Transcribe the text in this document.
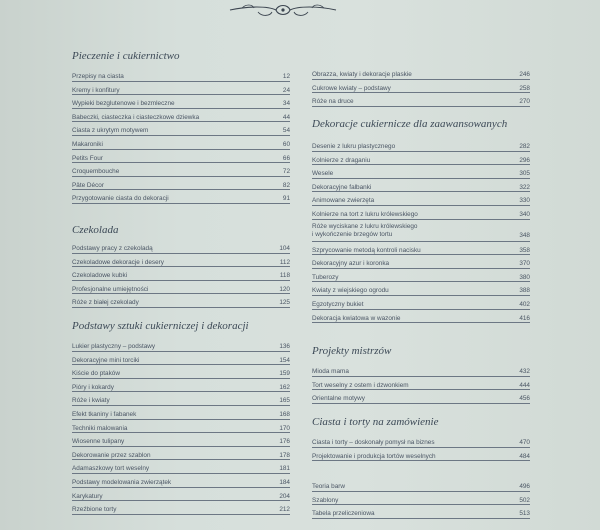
Pieczenie i cukiernictwo
Przepisy na ciasta	12
Kremy i konfitury	24
Wypieki bezglutenowe i bezmleczne	34
Babeczki, ciasteczka i ciasteczkowe dziewka	44
Ciasta z ukrytym motywem	54
Makaroniki	60
Petits Four	66
Croquembouche	72
Pâte Décor	82
Przygotowanie ciasta do dekoracji	91
Czekolada
Podstawy pracy z czekoladą	104
Czekoladowe dekoracje i desery	112
Czekoladowe kubki	118
Profesjonalne umiejętności	120
Róże z białej czekolady	125
Podstawy sztuki cukierniczej i dekoracji
Lukier plastyczny – podstawy	136
Dekoracyjne mini torciki	154
Kiście do ptaków	159
Pióry i kokardy	162
Róże i kwiaty	165
Efekt tkaniny i fabanek	168
Techniki malowania	170
Wiosenne tulipany	176
Dekorowanie przez szablon	178
Adamaszkowy tort weselny	181
Podstawy modelowania zwierzątek	184
Karykatury	204
Rzeźbione torty	212
Obrazza, kwiaty i dekoracje plaskie	246
Cukrowe kwiaty – podstawy	258
Róże na druce	270
Dekoracje cukiernicze dla zaawansowanych
Desenie z lukru plastycznego	282
Kolnierze z draganiu	296
Wesele	305
Dekoracyjne falbanki	322
Animowane zwierzęta	330
Kolnierze na tort z lukru królewskiego	340
Róże wyciskane z lukru królewskiego
i wykończenie brzegów tortu	348
Szprycowanie metodą kontroli nacisku	358
Dekoracyjny azur i koronka	370
Tuberozy	380
Kwiaty z wiejskiego ogrodu	388
Egzotyczny bukiet	402
Dekoracja kwiatowa w wazonie	416
Projekty mistrzów
Mioda mama	432
Tort weselny z ostem i dzwonkiem	444
Orientalne motywy	456
Ciasta i torty na zamówienie
Ciasta i torty – doskonały pomysł na biznes	470
Projektowanie i produkcja tortów weselnych	484
Teoria barw	496
Szablony	502
Tabela przeliczeniowa	513
